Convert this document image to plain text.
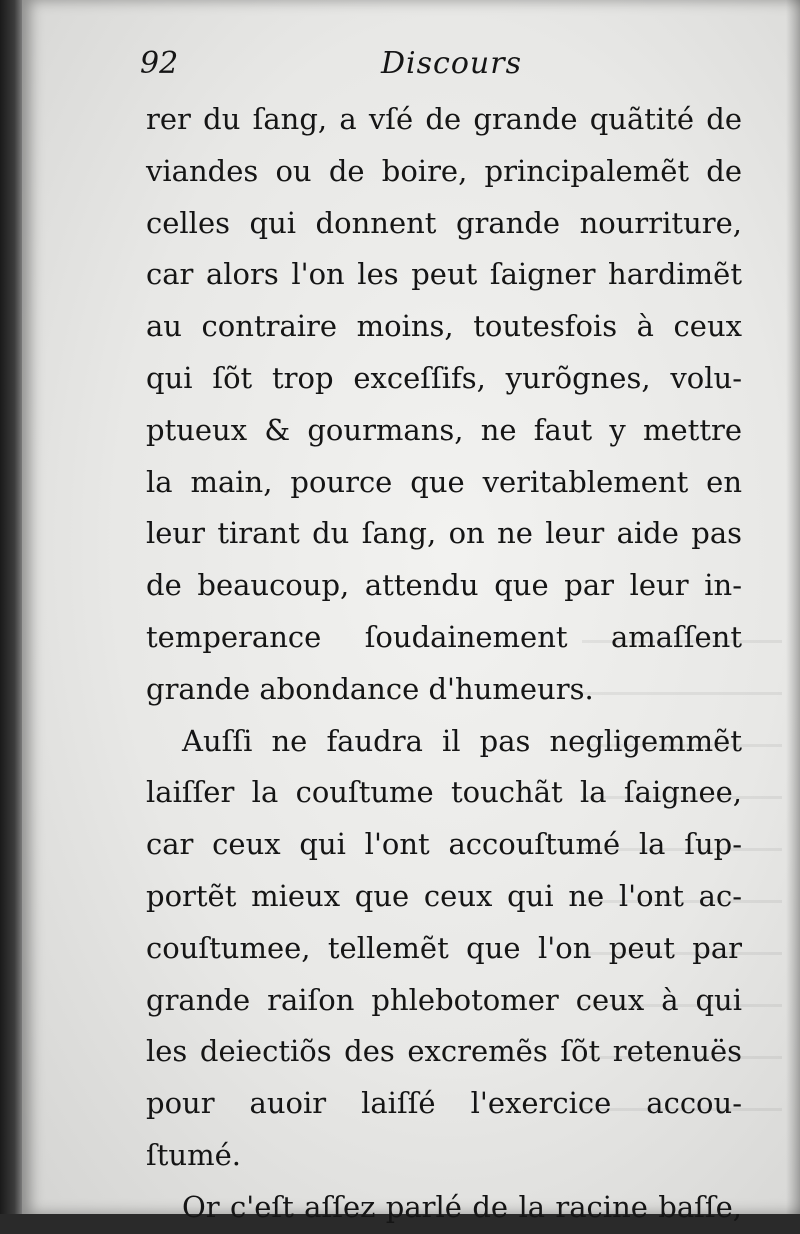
92	Discours
rer du ſang, a vſé de grande quãtité de
viandes ou de boire, principalemẽt de
celles qui donnent grande nourriture,
car alors l'on les peut ſaigner hardimẽt
au contraire moins, toutesfois à ceux
qui ſõt trop exceſſifs, yurõgnes, volu-
ptueux & gourmans, ne faut y mettre
la main, pource que veritablement en
leur tirant du ſang, on ne leur aide pas
de beaucoup, attendu que par leur in-
temperance ſoudainement amaſſent
grande abondance d'humeurs.
Auſſi ne faudra il pas negligemmẽt
laiſſer la couſtume touchãt la ſaignee,
car ceux qui l'ont accouſtumé la ſup-
portẽt mieux que ceux qui ne l'ont ac-
couſtumee, tellemẽt que l'on peut par
grande raiſon phlebotomer ceux à qui
les deiectiõs des excremẽs ſõt retenuës
pour auoir laiſſé l'exercice accou-
ſtumé.
Or c'eſt aſſez parlé de la racine baſſe,
